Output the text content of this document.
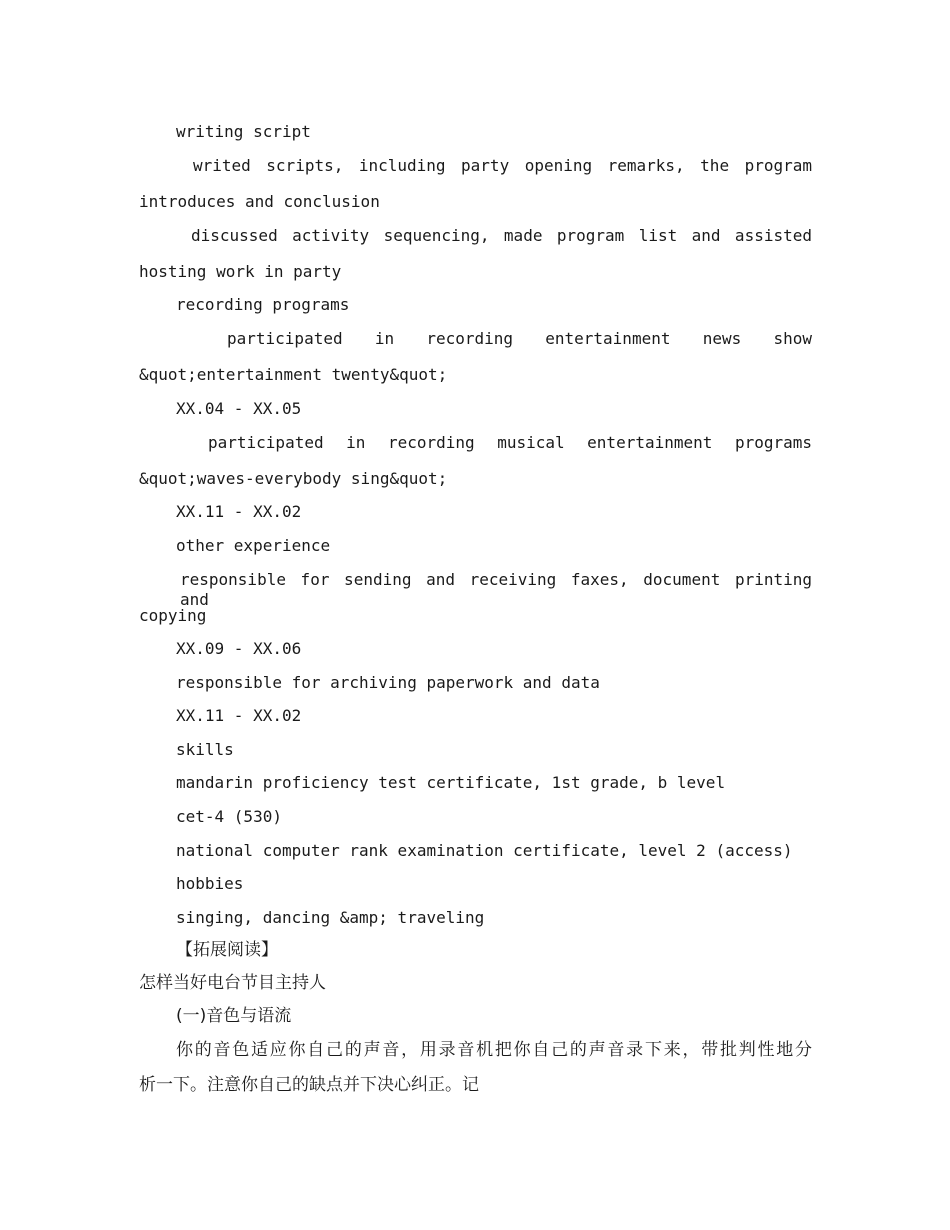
writing script
writed scripts, including party opening remarks, the program
introduces and conclusion
discussed activity sequencing, made program list and assisted
hosting work in party
recording programs
participated in recording entertainment news show
&quot;entertainment twenty&quot;
XX.04 - XX.05
participated in recording musical entertainment programs
&quot;waves-everybody sing&quot;
XX.11 - XX.02
other experience
responsible for sending and receiving faxes, document printing and
copying
XX.09 - XX.06
responsible for archiving paperwork and data
XX.11 - XX.02
skills
mandarin proficiency test certificate, 1st grade, b level
cet-4 (530)
national computer rank examination certificate, level 2 (access)
hobbies
singing, dancing &amp; traveling
【拓展阅读】
怎样当好电台节目主持人
(一)音色与语流
你的音色适应你自己的声音，用录音机把你自己的声音录下来，带批判性地分
析一下。注意你自己的缺点并下决心纠正。记
